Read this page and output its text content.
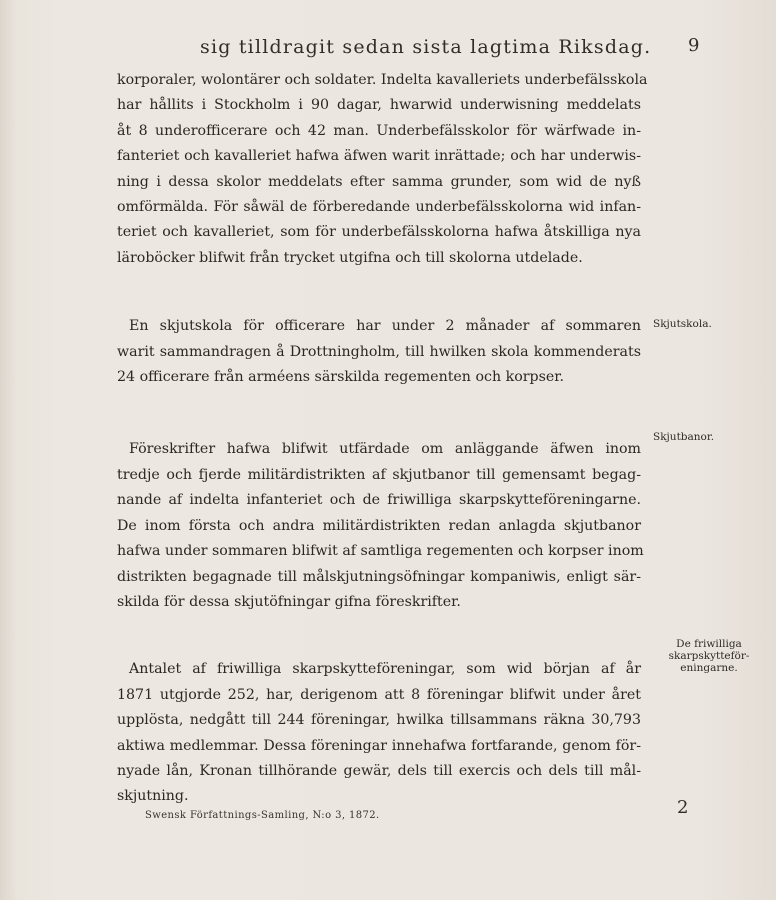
sig tilldragit sedan sista lagtima Riksdag. 9
korporaler, wolontärer och soldater. Indelta kavalleriets underbefälsskola
har hållits i Stockholm i 90 dagar, hwarwid underwisning meddelats
åt 8 underofficerare och 42 man. Underbefälsskolor för wärfwade in-
fanteriet och kavalleriet hafwa äfwen warit inrättade; och har underwis-
ning i dessa skolor meddelats efter samma grunder, som wid de nyß
omförmälda. För såwäl de förberedande underbefälsskolorna wid infan-
teriet och kavalleriet, som för underbefälsskolorna hafwa åtskilliga nya
läroböcker blifwit från trycket utgifna och till skolorna utdelade.
En skjutskola för officerare har under 2 månader af sommaren
warit sammandragen å Drottningholm, till hwilken skola kommenderats
24 officerare från arméens särskilda regementen och korpser.
Föreskrifter hafwa blifwit utfärdade om anläggande äfwen inom
tredje och fjerde militärdistrikten af skjutbanor till gemensamt begag-
nande af indelta infanteriet och de friwilliga skarpskytteföreningarne.
De inom första och andra militärdistrikten redan anlagda skjutbanor
hafwa under sommaren blifwit af samtliga regementen och korpser inom
distrikten begagnade till målskjutningsöfningar kompaniwis, enligt sär-
skilda för dessa skjutöfningar gifna föreskrifter.
Antalet af friwilliga skarpskytteföreningar, som wid början af år
1871 utgjorde 252, har, derigenom att 8 föreningar blifwit under året
upplösta, nedgått till 244 föreningar, hwilka tillsammans räkna 30,793
aktiwa medlemmar. Dessa föreningar innehafwa fortfarande, genom för-
nyade lån, Kronan tillhörande gewär, dels till exercis och dels till mål-
skjutning.
Skjutskola.
Skjutbanor.
De friwilliga
skarpskytteför-
eningarne.
Swensk Författnings-Samling, N:o 3, 1872.	2
